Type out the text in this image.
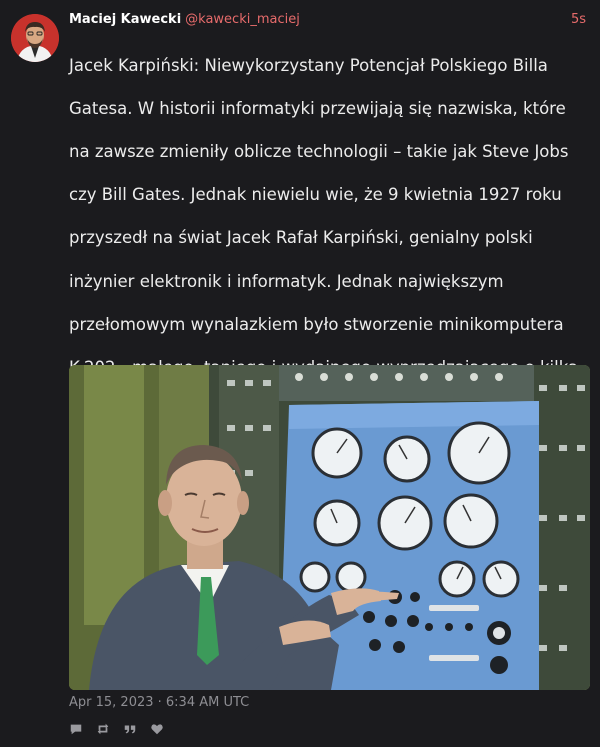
Maciej Kawecki @kawecki_maciej	5s

Jacek Karpiński: Niewykorzystany Potencjał Polskiego Billa

Gatesa. W historii informatyki przewijają się nazwiska, które

na zawsze zmieniły oblicze technologii – takie jak Steve Jobs

czy Bill Gates. Jednak niewielu wie, że 9 kwietnia 1927 roku

przyszedł na świat Jacek Rafał Karpiński, genialny polski

inżynier elektronik i informatyk. Jednak największym

przełomowym wynalazkiem było stworzenie minikomputera

Apr 15, 2023 · 6:34 AM UTC
